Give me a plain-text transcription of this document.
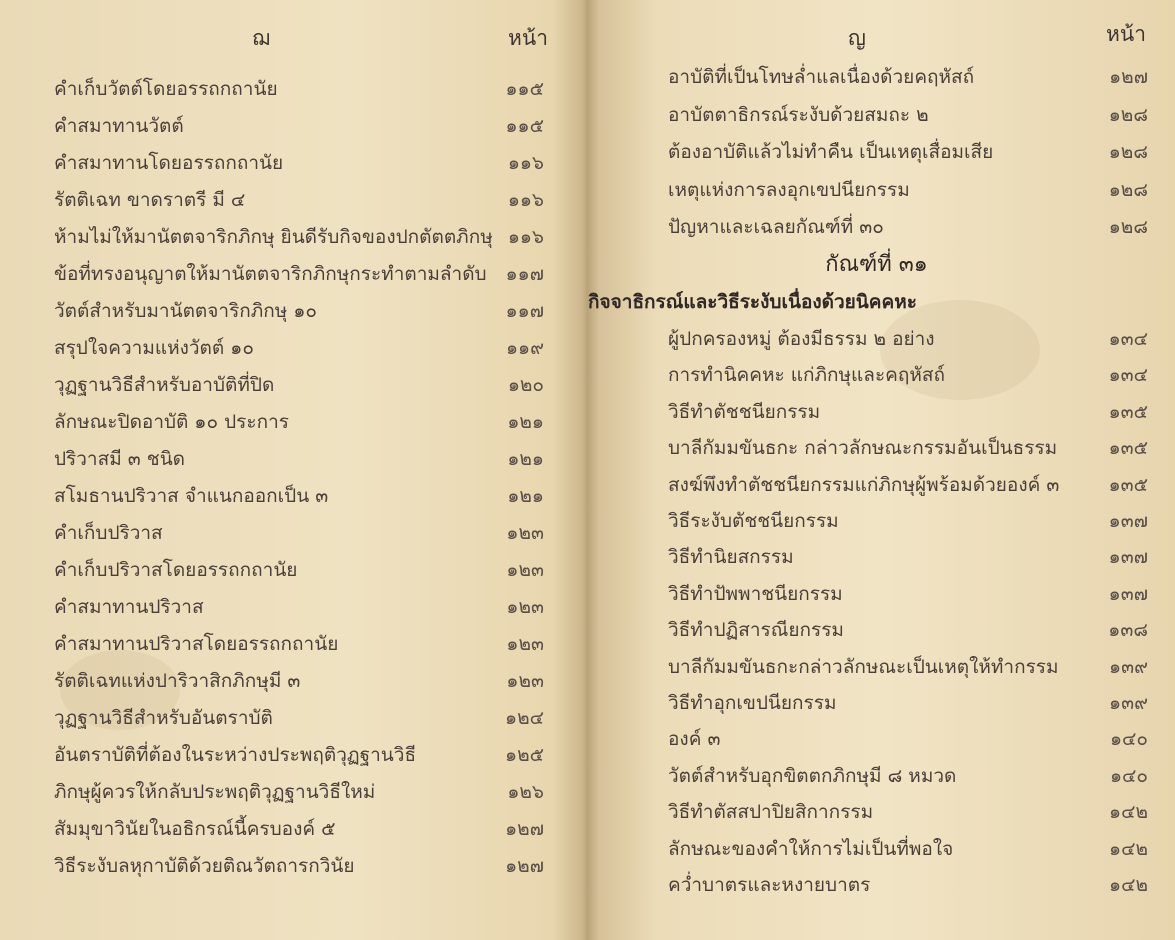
ฌ	หน้า
คำเก็บวัตต์โดยอรรถกถานัย	๑๑๕
คำสมาทานวัตต์	๑๑๕
คำสมาทานโดยอรรถกถานัย	๑๑๖
รัตติเฉท ขาดราตรี มี ๔	๑๑๖
ห้ามไม่ให้มานัตตจาริกภิกษุ ยินดีรับกิจของปกตัตตภิกษุ ๑๑๖
ข้อที่ทรงอนุญาตให้มานัตตจาริกภิกษุกระทำตามลำดับ ๑๑๗
วัตต์สำหรับมานัตตจาริกภิกษุ ๑๐	๑๑๗
สรุปใจความแห่งวัตต์ ๑๐	๑๑๙
วุฏฐานวิธีสำหรับอาบัติที่ปิด	๑๒๐
ลักษณะปิดอาบัติ ๑๐ ประการ	๑๒๑
ปริวาสมี ๓ ชนิด	๑๒๑
สโมธานปริวาส จำแนกออกเป็น ๓	๑๒๑
คำเก็บปริวาส	๑๒๓
คำเก็บปริวาสโดยอรรถกถานัย	๑๒๓
คำสมาทานปริวาส	๑๒๓
คำสมาทานปริวาสโดยอรรถกถานัย	๑๒๓
รัตติเฉทแห่งปาริวาสิกภิกษุมี ๓	๑๒๓
วุฏฐานวิธีสำหรับอันตราบัติ	๑๒๔
อันตราบัติที่ต้องในระหว่างประพฤติวุฏฐานวิธี	๑๒๕
ภิกษุผู้ควรให้กลับประพฤติวุฏฐานวิธีใหม่	๑๒๖
สัมมุขาวินัยในอธิกรณ์นี้ครบองค์ ๕	๑๒๗
วิธีระงับลหุกาบัติด้วยติณวัตถารกวินัย	๑๒๗
ญ	หน้า
อาบัติที่เป็นโทษล่ำแลเนื่องด้วยคฤหัสถ์	๑๒๗
อาบัตตาธิกรณ์ระงับด้วยสมถะ ๒	๑๒๘
ต้องอาบัติแล้วไม่ทำคืน เป็นเหตุเสื่อมเสีย	๑๒๘
เหตุแห่งการลงอุกเขปนียกรรม	๑๒๘
ปัญหาและเฉลยกัณฑ์ที่ ๓๐	๑๒๘
กัณฑ์ที่ ๓๑
กิจจาธิกรณ์และวิธีระงับเนื่องด้วยนิคคหะ
ผู้ปกครองหมู่ ต้องมีธรรม ๒ อย่าง	๑๓๔
การทำนิคคหะ แก่ภิกษุและคฤหัสถ์	๑๓๔
วิธีทำตัชชนียกรรม	๑๓๕
บาลีกัมมขันธกะ กล่าวลักษณะกรรมอันเป็นธรรม	๑๓๕
สงฆ์พึงทำตัชชนียกรรมแก่ภิกษุผู้พร้อมด้วยองค์ ๓	๑๓๕
วิธีระงับตัชชนียกรรม	๑๓๗
วิธีทำนิยสกรรม	๑๓๗
วิธีทำปัพพาชนียกรรม	๑๓๗
วิธีทำปฏิสารณียกรรม	๑๓๘
บาลีกัมมขันธกะกล่าวลักษณะเป็นเหตุให้ทำกรรม	๑๓๙
วิธีทำอุกเขปนียกรรม	๑๓๙
องค์ ๓	๑๔๐
วัตต์สำหรับอุกขิตตกภิกษุมี ๘ หมวด	๑๔๐
วิธีทำตัสสปาปิยสิกากรรม	๑๔๒
ลักษณะของคำให้การไม่เป็นที่พอใจ	๑๔๒
คว่ำบาตรและหงายบาตร	๑๔๒
